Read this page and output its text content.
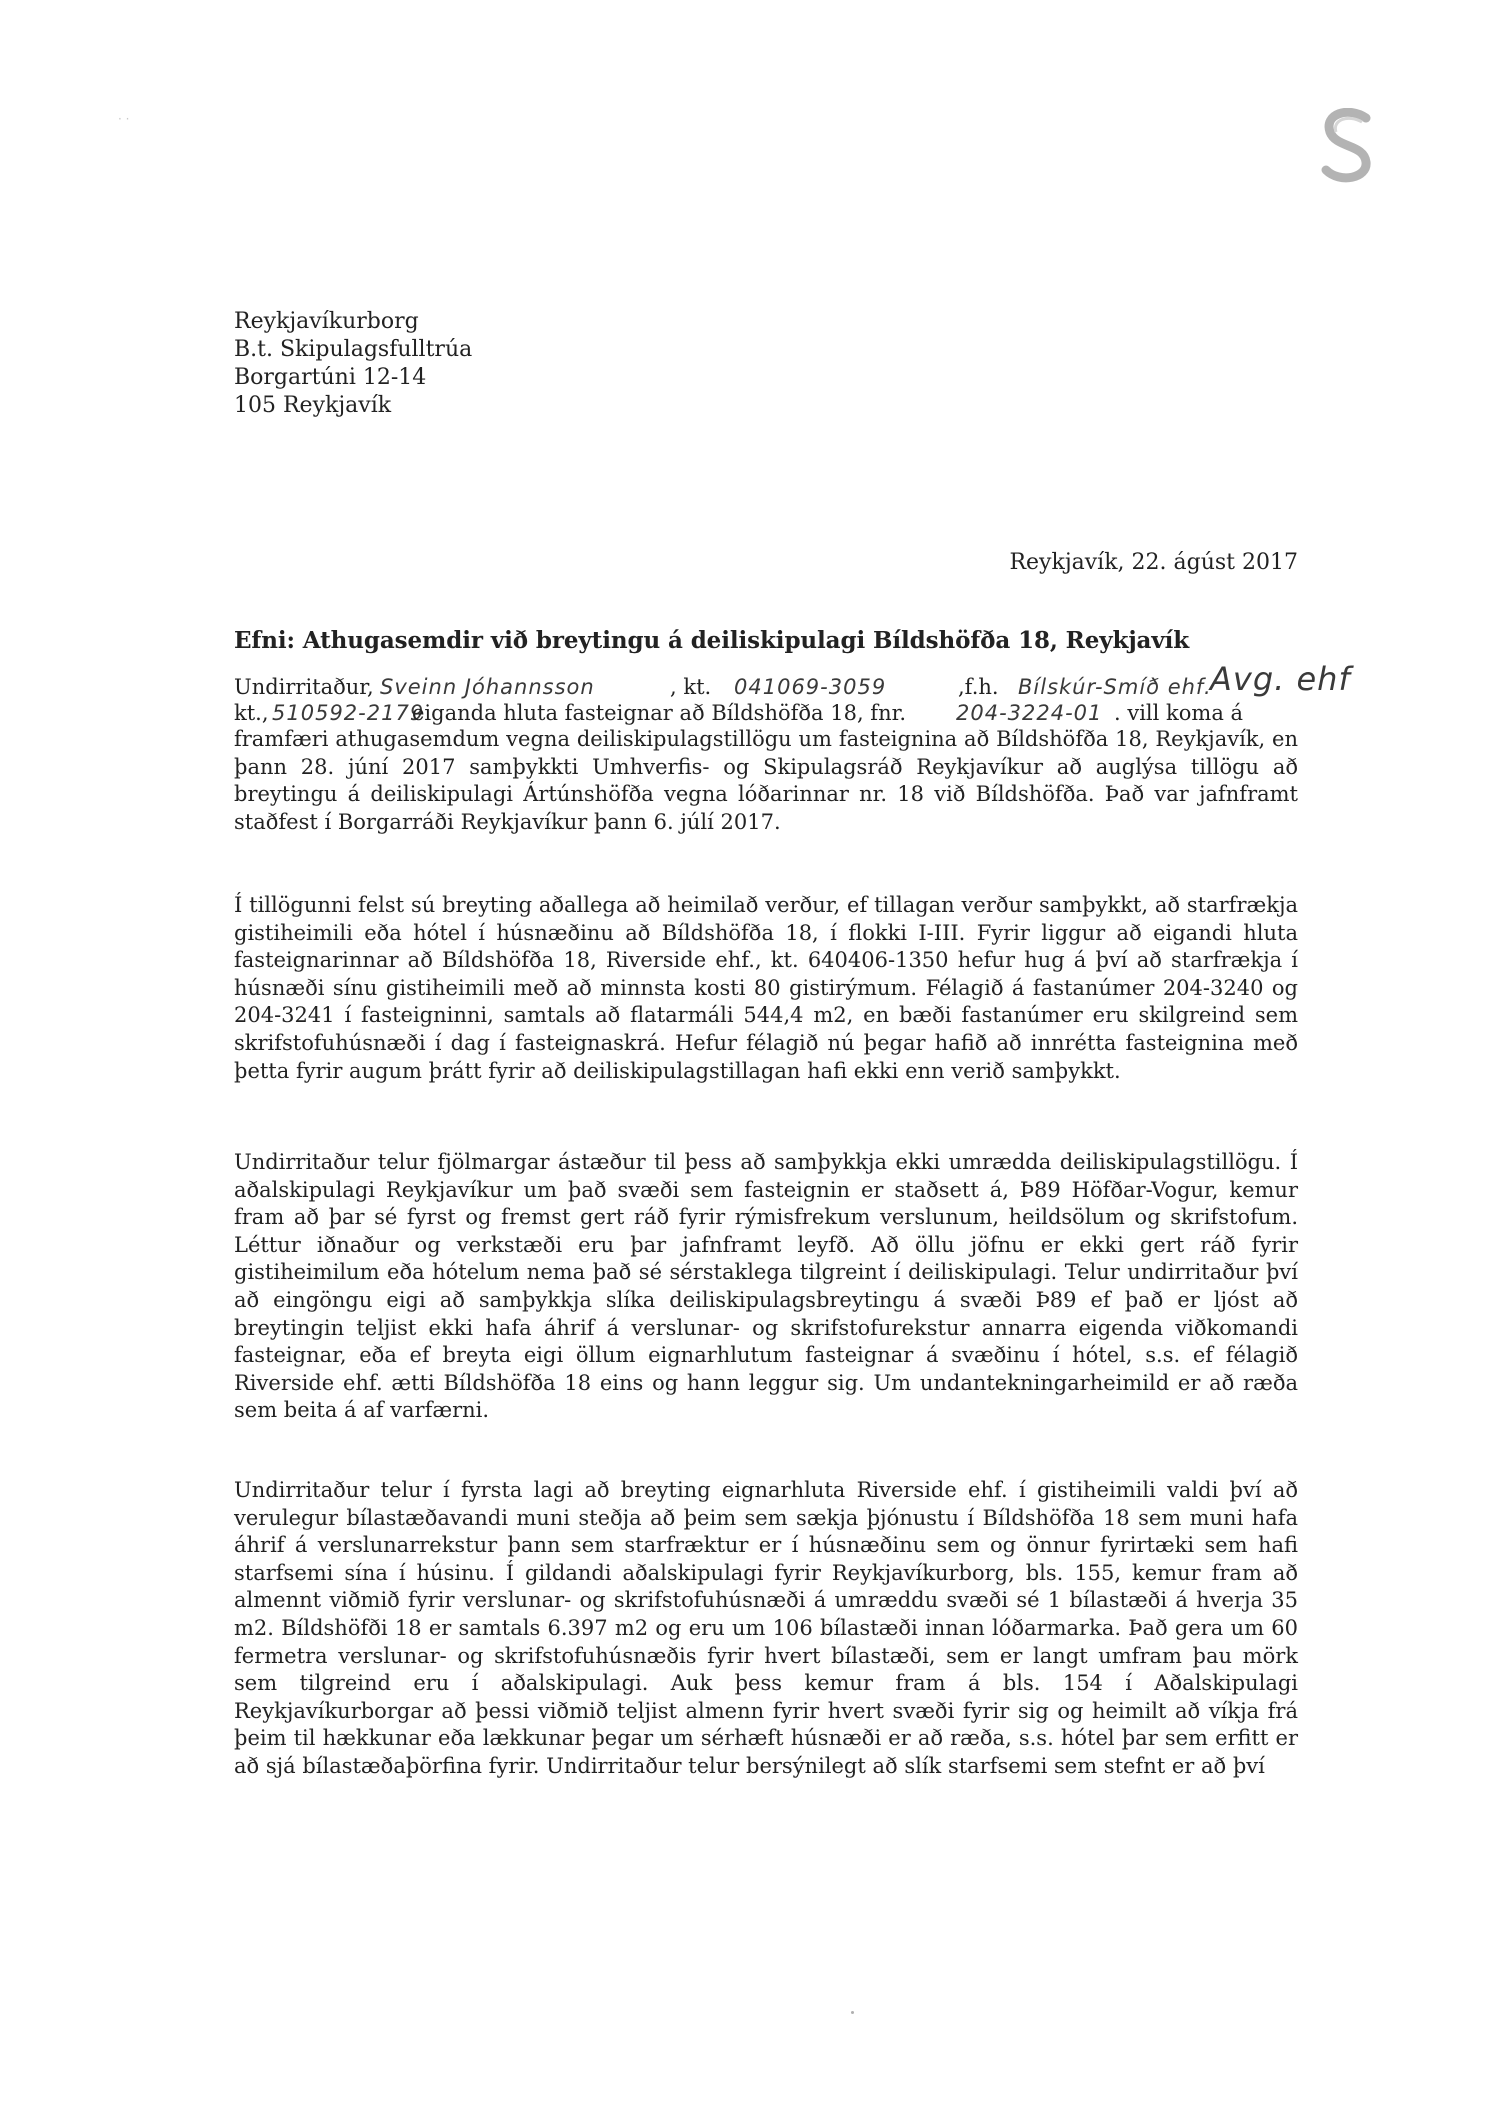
· ·
Reykjavíkurborg
B.t. Skipulagsfulltrúa
Borgartúni 12-14
105 Reykjavík
Reykjavík, 22. ágúst 2017
Efni: Athugasemdir við breytingu á deiliskipulagi Bíldshöfða 18, Reykjavík
Undirritaður, Sveinn Jóhannsson	, kt. 041069-3059	,f.h. Bílskúr-Smíð ehf.
Avg. ehf
kt., 510592-2179
eiganda hluta fasteignar að Bíldshöfða 18, fnr. 204-3224-01 . vill koma á

framfæri athugasemdum vegna deiliskipulagstillögu um fasteignina að Bíldshöfða 18, Reykjavík, en þann 28. júní 2017 samþykkti Umhverfis- og Skipulagsráð Reykjavíkur að auglýsa tillögu að breytingu á deiliskipulagi Ártúnshöfða vegna lóðarinnar nr. 18 við Bíldshöfða. Það var jafnframt staðfest í Borgarráði Reykjavíkur þann 6. júlí 2017.

Í tillögunni felst sú breyting aðallega að heimilað verður, ef tillagan verður samþykkt, að starfrækja gistiheimili eða hótel í húsnæðinu að Bíldshöfða 18, í flokki I-III. Fyrir liggur að eigandi hluta fasteignarinnar að Bíldshöfða 18, Riverside ehf., kt. 640406-1350 hefur hug á því að starfrækja í húsnæði sínu gistiheimili með að minnsta kosti 80 gistirýmum. Félagið á fastanúmer 204-3240 og 204-3241 í fasteigninni, samtals að flatarmáli 544,4 m2, en bæði fastanúmer eru skilgreind sem skrifstofuhúsnæði í dag í fasteignaskrá. Hefur félagið nú þegar hafið að innrétta fasteignina með þetta fyrir augum þrátt fyrir að deiliskipulagstillagan hafi ekki enn verið samþykkt.

Undirritaður telur fjölmargar ástæður til þess að samþykkja ekki umrædda deiliskipulagstillögu. Í aðalskipulagi Reykjavíkur um það svæði sem fasteignin er staðsett á, Þ89 Höfðar-Vogur, kemur fram að þar sé fyrst og fremst gert ráð fyrir rýmisfrekum verslunum, heildsölum og skrifstofum. Léttur iðnaður og verkstæði eru þar jafnframt leyfð. Að öllu jöfnu er ekki gert ráð fyrir gistiheimilum eða hótelum nema það sé sérstaklega tilgreint í deiliskipulagi. Telur undirritaður því að eingöngu eigi að samþykkja slíka deiliskipulagsbreytingu á svæði Þ89 ef það er ljóst að breytingin teljist ekki hafa áhrif á verslunar- og skrifstofurekstur annarra eigenda viðkomandi fasteignar, eða ef breyta eigi öllum eignarhlutum fasteignar á svæðinu í hótel, s.s. ef félagið Riverside ehf. ætti Bíldshöfða 18 eins og hann leggur sig. Um undantekningarheimild er að ræða sem beita á af varfærni.

Undirritaður telur í fyrsta lagi að breyting eignarhluta Riverside ehf. í gistiheimili valdi því að verulegur bílastæðavandi muni steðja að þeim sem sækja þjónustu í Bíldshöfða 18 sem muni hafa áhrif á verslunarrekstur þann sem starfræktur er í húsnæðinu sem og önnur fyrirtæki sem hafi starfsemi sína í húsinu. Í gildandi aðalskipulagi fyrir Reykjavíkurborg, bls. 155, kemur fram að almennt viðmið fyrir verslunar- og skrifstofuhúsnæði á umræddu svæði sé 1 bílastæði á hverja 35 m2. Bíldshöfði 18 er samtals 6.397 m2 og eru um 106 bílastæði innan lóðarmarka. Það gera um 60 fermetra verslunar- og skrifstofuhúsnæðis fyrir hvert bílastæði, sem er langt umfram þau mörk sem tilgreind eru í aðalskipulagi. Auk þess kemur fram á bls. 154 í Aðalskipulagi Reykjavíkurborgar að þessi viðmið teljist almenn fyrir hvert svæði fyrir sig og heimilt að víkja frá þeim til hækkunar eða lækkunar þegar um sérhæft húsnæði er að ræða, s.s. hótel þar sem erfitt er að sjá bílastæðaþörfina fyrir. Undirritaður telur bersýnilegt að slík starfsemi sem stefnt er að því
